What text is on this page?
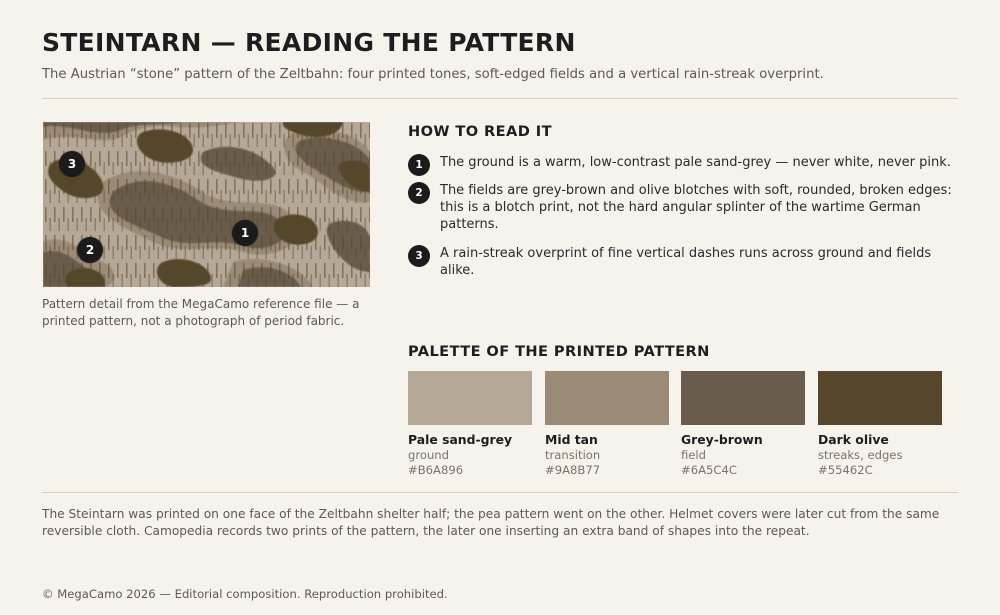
STEINTARN — READING THE PATTERN

The Austrian “stone” pattern of the Zeltbahn: four printed tones, soft-edged fields and a vertical rain-streak overprint.

3
2
1

Pattern detail from the MegaCamo reference file — a printed pattern, not a photograph of period fabric.

HOW TO READ IT
1	The ground is a warm, low-contrast pale sand-grey — never white, never pink.
2	The fields are grey-brown and olive blotches with soft, rounded, broken edges: this is a blotch print, not the hard angular splinter of the wartime German patterns.
3	A rain-streak overprint of fine vertical dashes runs across ground and fields alike.
PALETTE OF THE PRINTED PATTERN
Pale sand-grey
ground
#B6A896
Mid tan
transition
#9A8B77
Grey-brown
field
#6A5C4C
Dark olive
streaks, edges
#55462C

The Steintarn was printed on one face of the Zeltbahn shelter half; the pea pattern went on the other. Helmet covers were later cut from the same reversible cloth. Camopedia records two prints of the pattern, the later one inserting an extra band of shapes into the repeat.

© MegaCamo 2026 — Editorial composition. Reproduction prohibited.
